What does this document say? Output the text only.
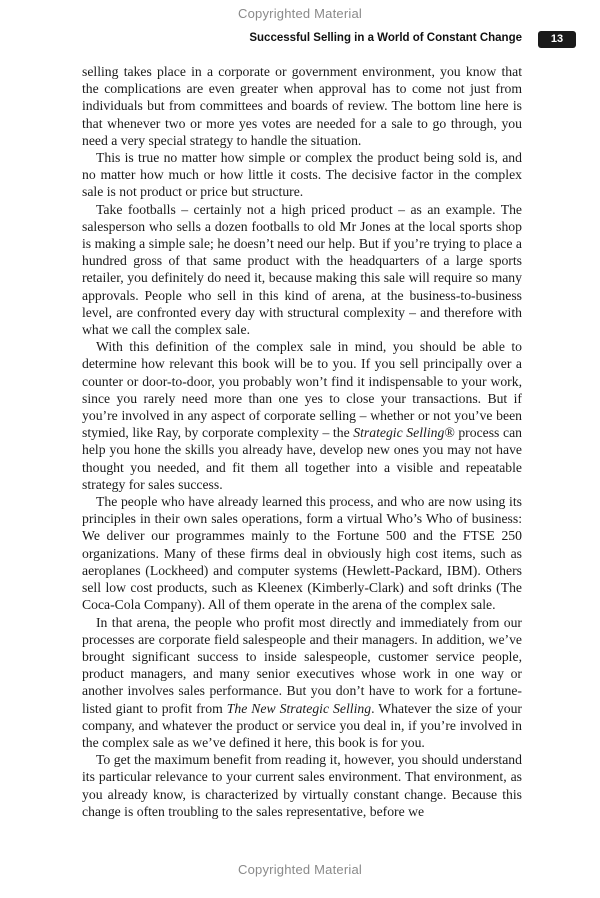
Copyrighted Material
Successful Selling in a World of Constant Change	13

selling takes place in a corporate or government environment, you know that the complications are even greater when approval has to come not just from individuals but from committees and boards of review. The bottom line here is that whenever two or more yes votes are needed for a sale to go through, you need a very special strategy to handle the situation.

This is true no matter how simple or complex the product being sold is, and no matter how much or how little it costs. The decisive factor in the complex sale is not product or price but structure.

Take footballs – certainly not a high priced product – as an example. The salesperson who sells a dozen footballs to old Mr Jones at the local sports shop is making a simple sale; he doesn’t need our help. But if you’re trying to place a hundred gross of that same product with the headquarters of a large sports retailer, you definitely do need it, because making this sale will require so many approvals. People who sell in this kind of arena, at the business-to-business level, are confronted every day with structural complexity – and therefore with what we call the complex sale.

With this definition of the complex sale in mind, you should be able to determine how relevant this book will be to you. If you sell principally over a counter or door-to-door, you probably won’t find it indispensable to your work, since you rarely need more than one yes to close your transactions. But if you’re involved in any aspect of corporate selling – whether or not you’ve been stymied, like Ray, by corporate complexity – the Strategic Selling® process can help you hone the skills you already have, develop new ones you may not have thought you needed, and fit them all together into a visible and repeatable strategy for sales success.

The people who have already learned this process, and who are now using its principles in their own sales operations, form a virtual Who’s Who of business: We deliver our programmes mainly to the Fortune 500 and the FTSE 250 organizations. Many of these firms deal in obviously high cost items, such as aeroplanes (Lockheed) and computer systems (Hewlett-Packard, IBM). Others sell low cost products, such as Kleenex (Kimberly-Clark) and soft drinks (The Coca-Cola Company). All of them operate in the arena of the complex sale.

In that arena, the people who profit most directly and immediately from our processes are corporate field salespeople and their managers. In addition, we’ve brought significant success to inside salespeople, customer service people, product managers, and many senior executives whose work in one way or another involves sales performance. But you don’t have to work for a fortune-listed giant to profit from The New Strategic Selling. Whatever the size of your company, and whatever the product or service you deal in, if you’re involved in the complex sale as we’ve defined it here, this book is for you.

To get the maximum benefit from reading it, however, you should understand its particular relevance to your current sales environment. That environment, as you already know, is characterized by virtually constant change. Because this change is often troubling to the sales representative, before we

Copyrighted Material
